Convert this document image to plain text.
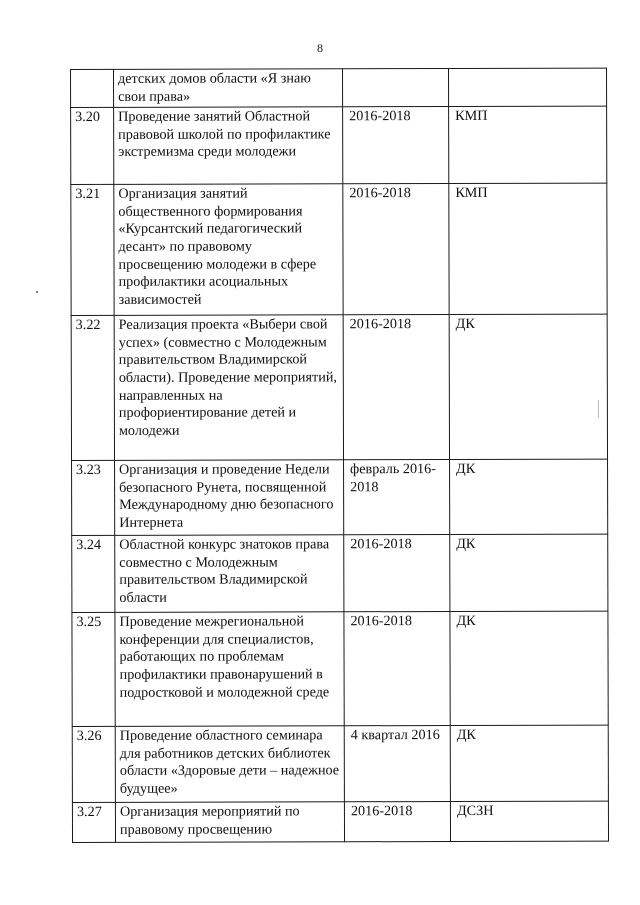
8
	детских домов области «Я знаю свои права»		
3.20	Проведение занятий Областной правовой школой по профилактике экстремизма среди молодежи	2016-2018	КМП
3.21	Организация занятий общественного формирования «Курсантский педагогический десант» по правовому просвещению молодежи в сфере профилактики асоциальных зависимостей	2016-2018	КМП
3.22	Реализация проекта «Выбери свой успех» (совместно с Молодежным правительством Владимирской области). Проведение мероприятий, направленных на профориентирование детей и молодежи	2016-2018	ДК
3.23	Организация и проведение Недели безопасного Рунета, посвященной Международному дню безопасного Интернета	февраль 2016-2018	ДК
3.24	Областной конкурс знатоков права совместно с Молодежным правительством Владимирской области	2016-2018	ДК
3.25	Проведение межрегиональной конференции для специалистов, работающих по проблемам профилактики правонарушений в подростковой и молодежной среде	2016-2018	ДК
3.26	Проведение областного семинара для работников детских библиотек области «Здоровые дети – надежное будущее»	4 квартал 2016	ДК
3.27	Организация мероприятий по правовому просвещению	2016-2018	ДСЗН
